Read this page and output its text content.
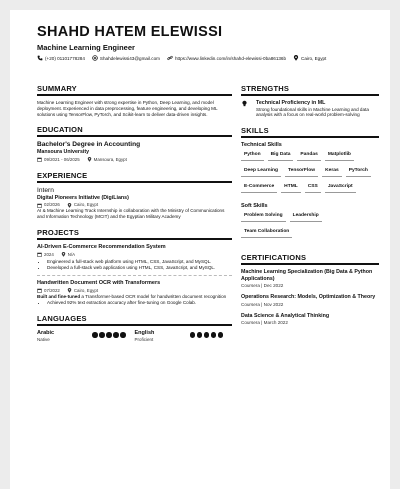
SHAHD HATEM ELEWISSI
Machine Learning Engineer
(+20) 01101778284	Shahdelewissi43@gmail.com	https://www.linkedin.com/in/shahd-elewissi-0ba86136b	Cairo, Egypt
SUMMARY
Machine Learning Engineer with strong expertise in Python, Deep Learning, and model deployment. Experienced in data preprocessing, feature engineering, and developing ML solutions using TensorFlow, PyTorch, and Scikit-learn to deliver data-driven insights.
EDUCATION
Bachelor's Degree in Accounting
Mansoura University
09/2021 - 06/2025	Mansoura, Egypt
EXPERIENCE
Intern
Digital Pioneers Initiative (DigiLians)
02/2026	Cairo, Egypt
AI & Machine Learning Track Internship in collaboration with the Ministry of Communications and Information Technology (MCIT) and the Egyptian Military Academy
PROJECTS
AI-Driven E-Commerce Recommendation System
2024	N/A
• Engineered a full-stack web platform using HTML, CSS, JavaScript, and MySQL.
• Developed a full-stack web application using HTML, CSS, JavaScript, and MySQL.
Handwritten Document OCR with Transformers
07/2022	Cairo, Egypt
Built and fine-tuned a Transformer-based OCR model for handwritten document recognition
• Achieved 92% text extraction accuracy after fine-tuning on Google Colab.
LANGUAGES
Arabic
Native
English
Proficient
STRENGTHS
Technical Proficiency in ML
Strong foundational skills in Machine Learning and data analysis with a focus on real-world problem-solving
SKILLS
Technical Skills
Python	Big Data	Pandas	Matplotlib
Deep Learning	TensorFlow	Keras	PyTorch
E-Commerce	HTML	CSS	JavaScript
Soft Skills
Problem Solving	Leadership
Team Collaboration
CERTIFICATIONS
Machine Learning Specialization (Big Data & Python Applications)
Coursera | Dec 2022
Operations Research: Models, Optimization & Theory
Coursera | Nov 2022
Data Science & Analytical Thinking
Coursera | March 2022
